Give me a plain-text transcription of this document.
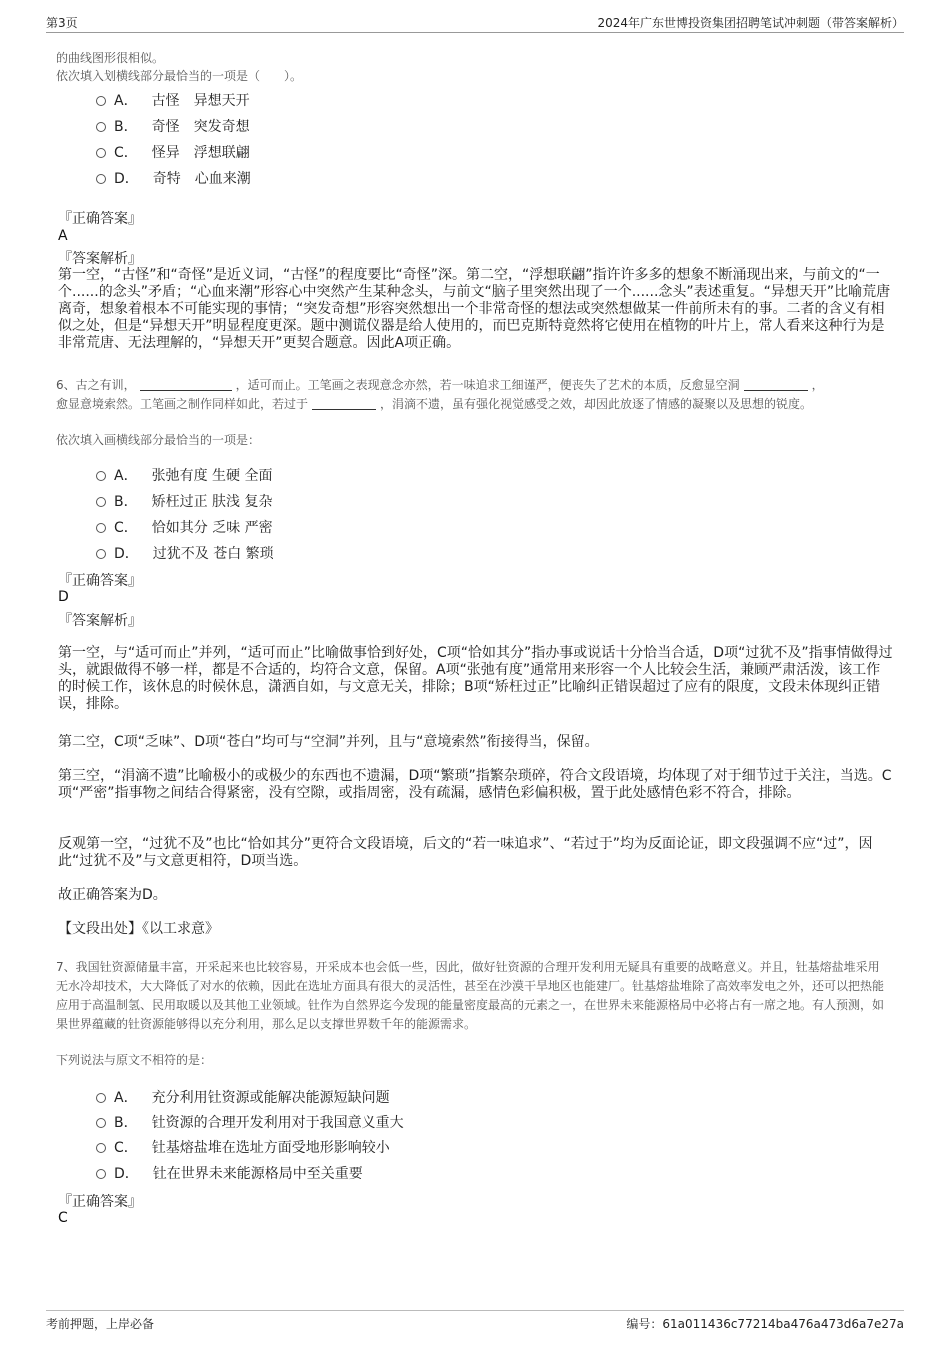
第3页	2024年广东世博投资集团招聘笔试冲刺题（带答案解析）
的曲线图形很相似。
依次填入划横线部分最恰当的一项是（　　）。
A． 古怪 异想天开
B． 奇怪 突发奇想
C． 怪异 浮想联翩
D． 奇特 心血来潮
『正确答案』
A
『答案解析』
第一空，“古怪”和“奇怪”是近义词，“古怪”的程度要比“奇怪”深。第二空，“浮想联翩”指许许多多的想象不断涌现出来，与前文的“一个......的念头”矛盾；“心血来潮”形容心中突然产生某种念头，与前文“脑子里突然出现了一个......念头”表述重复。“异想天开”比喻荒唐离奇，想象着根本不可能实现的事情；“突发奇想”形容突然想出一个非常奇怪的想法或突然想做某一件前所未有的事。二者的含义有相似之处，但是“异想天开”明显程度更深。题中测谎仪器是给人使用的，而巴克斯特竟然将它使用在植物的叶片上，常人看来这种行为是非常荒唐、无法理解的，“异想天开”更契合题意。因此A项正确。
6、古之有训，	，适可而止。工笔画之表现意念亦然，若一味追求工细谨严，便丧失了艺术的本质，反愈显空洞	，
愈显意境索然。工笔画之制作同样如此，若过于	，涓滴不遗，虽有强化视觉感受之效，却因此放逐了情感的凝聚以及思想的锐度。
依次填入画横线部分最恰当的一项是：
A． 张弛有度 生硬 全面
B． 矫枉过正 肤浅 复杂
C． 恰如其分 乏味 严密
D． 过犹不及 苍白 繁琐
『正确答案』
D
『答案解析』
第一空，与“适可而止”并列，“适可而止”比喻做事恰到好处，C项“恰如其分”指办事或说话十分恰当合适，D项“过犹不及”指事情做得过头，就跟做得不够一样，都是不合适的，均符合文意，保留。A项“张弛有度”通常用来形容一个人比较会生活，兼顾严肃活泼，该工作的时候工作，该休息的时候休息，潇洒自如，与文意无关，排除；B项“矫枉过正”比喻纠正错误超过了应有的限度，文段未体现纠正错误，排除。
第二空，C项“乏味”、D项“苍白”均可与“空洞”并列，且与“意境索然”衔接得当，保留。
第三空，“涓滴不遗”比喻极小的或极少的东西也不遗漏，D项“繁琐”指繁杂琐碎，符合文段语境，均体现了对于细节过于关注，当选。C项“严密”指事物之间结合得紧密，没有空隙，或指周密，没有疏漏，感情色彩偏积极，置于此处感情色彩不符合，排除。
反观第一空，“过犹不及”也比“恰如其分”更符合文段语境，后文的“若一味追求”、“若过于”均为反面论证，即文段强调不应“过”，因此“过犹不及”与文意更相符，D项当选。
故正确答案为D。
【文段出处】《以工求意》
7、我国钍资源储量丰富，开采起来也比较容易，开采成本也会低一些，因此，做好钍资源的合理开发利用无疑具有重要的战略意义。并且，钍基熔盐堆采用无水冷却技术，大大降低了对水的依赖，因此在选址方面具有很大的灵活性，甚至在沙漠干旱地区也能建厂。钍基熔盐堆除了高效率发电之外，还可以把热能应用于高温制氢、民用取暖以及其他工业领域。钍作为自然界迄今发现的能量密度最高的元素之一，在世界未来能源格局中必将占有一席之地。有人预测，如果世界蕴藏的钍资源能够得以充分利用，那么足以支撑世界数千年的能源需求。
下列说法与原文不相符的是：
A． 充分利用钍资源或能解决能源短缺问题
B． 钍资源的合理开发利用对于我国意义重大
C． 钍基熔盐堆在选址方面受地形影响较小
D． 钍在世界未来能源格局中至关重要
『正确答案』
C
考前押题，上岸必备	编号：61a011436c77214ba476a473d6a7e27a
